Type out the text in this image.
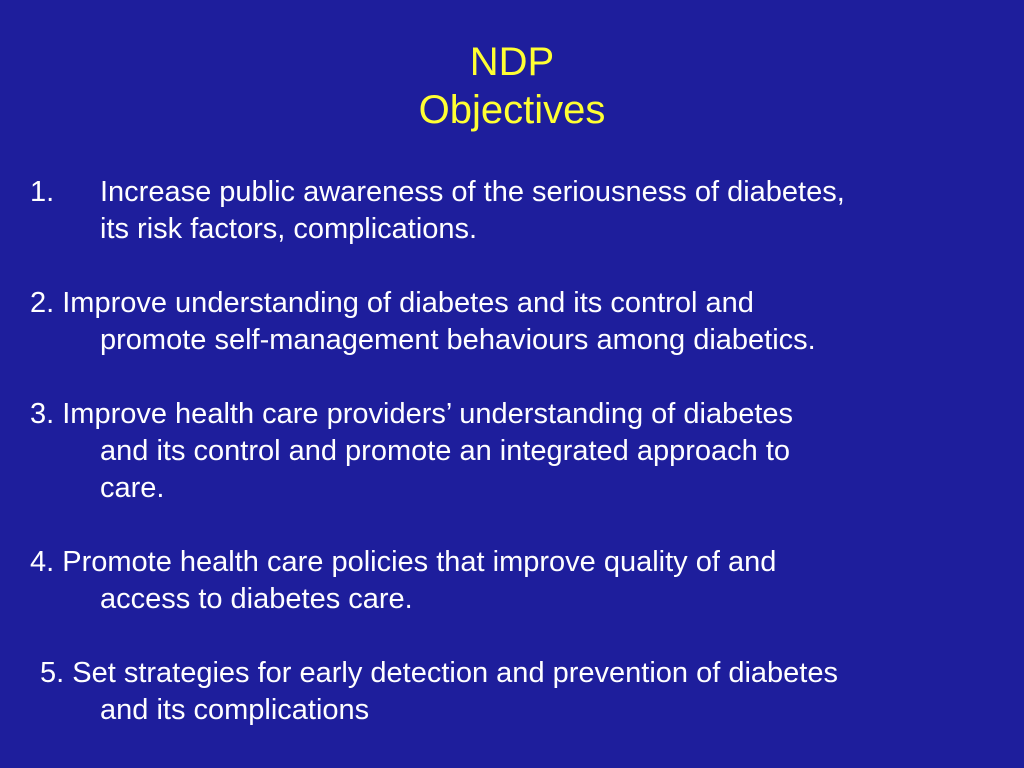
NDP
Objectives
1.	Increase public awareness of the seriousness of diabetes,
its risk factors, complications.
2. Improve understanding of diabetes and its control and
promote self-management behaviours among diabetics.
3. Improve health care providers’ understanding of diabetes
and its control and promote an integrated approach to
care.
4. Promote health care policies that improve quality of and
access to diabetes care.
5. Set strategies for early detection and prevention of diabetes
and its complications
